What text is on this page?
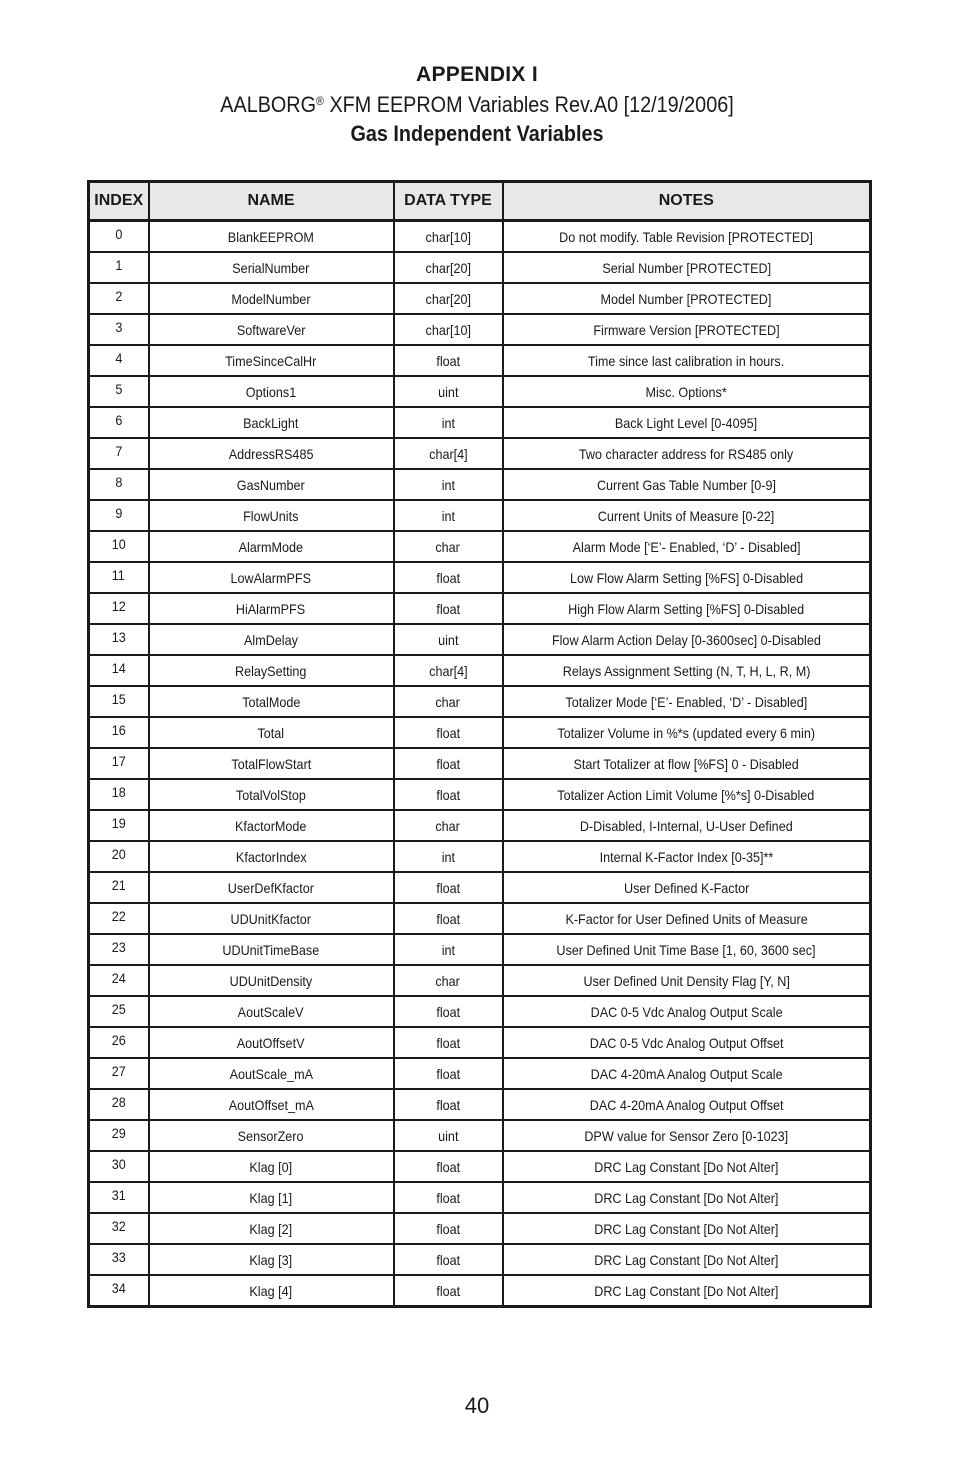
APPENDIX I
AALBORG® XFM EEPROM Variables Rev.A0 [12/19/2006]
Gas Independent Variables
INDEX	NAME	DATA TYPE	NOTES
0	BlankEEPROM	char[10]	Do not modify. Table Revision [PROTECTED]
1	SerialNumber	char[20]	Serial Number [PROTECTED]
2	ModelNumber	char[20]	Model Number [PROTECTED]
3	SoftwareVer	char[10]	Firmware Version [PROTECTED]
4	TimeSinceCalHr	float	Time since last calibration in hours.
5	Options1	uint	Misc. Options*
6	BackLight	int	Back Light Level [0-4095]
7	AddressRS485	char[4]	Two character address for RS485 only
8	GasNumber	int	Current Gas Table Number [0-9]
9	FlowUnits	int	Current Units of Measure [0-22]
10	AlarmMode	char	Alarm Mode [‘E’- Enabled, ‘D’ - Disabled]
11	LowAlarmPFS	float	Low Flow Alarm Setting [%FS] 0-Disabled
12	HiAlarmPFS	float	High Flow Alarm Setting [%FS] 0-Disabled
13	AlmDelay	uint	Flow Alarm Action Delay [0-3600sec] 0-Disabled
14	RelaySetting	char[4]	Relays Assignment Setting (N, T, H, L, R, M)
15	TotalMode	char	Totalizer Mode [‘E’- Enabled, ‘D’ - Disabled]
16	Total	float	Totalizer Volume in %*s (updated every 6 min)
17	TotalFlowStart	float	Start Totalizer at flow [%FS] 0 - Disabled
18	TotalVolStop	float	Totalizer Action Limit Volume [%*s] 0-Disabled
19	KfactorMode	char	D-Disabled, I-Internal, U-User Defined
20	KfactorIndex	int	Internal K-Factor Index [0-35]**
21	UserDefKfactor	float	User Defined K-Factor
22	UDUnitKfactor	float	K-Factor for User Defined Units of Measure
23	UDUnitTimeBase	int	User Defined Unit Time Base [1, 60, 3600 sec]
24	UDUnitDensity	char	User Defined Unit Density Flag [Y, N]
25	AoutScaleV	float	DAC 0-5 Vdc Analog Output Scale
26	AoutOffsetV	float	DAC 0-5 Vdc Analog Output Offset
27	AoutScale_mA	float	DAC 4-20mA Analog Output Scale
28	AoutOffset_mA	float	DAC 4-20mA Analog Output Offset
29	SensorZero	uint	DPW value for Sensor Zero [0-1023]
30	Klag [0]	float	DRC Lag Constant [Do Not Alter]
31	Klag [1]	float	DRC Lag Constant [Do Not Alter]
32	Klag [2]	float	DRC Lag Constant [Do Not Alter]
33	Klag [3]	float	DRC Lag Constant [Do Not Alter]
34	Klag [4]	float	DRC Lag Constant [Do Not Alter]
40
